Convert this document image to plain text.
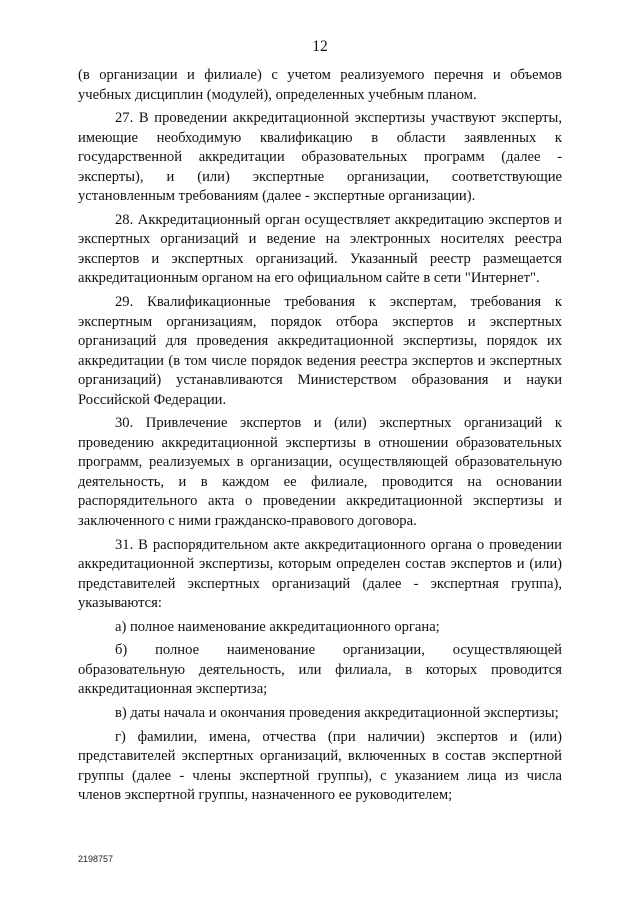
12

(в организации и филиале) с учетом реализуемого перечня и объемов учебных дисциплин (модулей), определенных учебным планом.

27. В проведении аккредитационной экспертизы участвуют эксперты, имеющие необходимую квалификацию в области заявленных к государственной аккредитации образовательных программ (далее - эксперты), и (или) экспертные организации, соответствующие установленным требованиям (далее - экспертные организации).

28. Аккредитационный орган осуществляет аккредитацию экспертов и экспертных организаций и ведение на электронных носителях реестра экспертов и экспертных организаций. Указанный реестр размещается аккредитационным органом на его официальном сайте в сети "Интернет".

29. Квалификационные требования к экспертам, требования к экспертным организациям, порядок отбора экспертов и экспертных организаций для проведения аккредитационной экспертизы, порядок их аккредитации (в том числе порядок ведения реестра экспертов и экспертных организаций) устанавливаются Министерством образования и науки Российской Федерации.

30. Привлечение экспертов и (или) экспертных организаций к проведению аккредитационной экспертизы в отношении образовательных программ, реализуемых в организации, осуществляющей образовательную деятельность, и в каждом ее филиале, проводится на основании распорядительного акта о проведении аккредитационной экспертизы и заключенного с ними гражданско-правового договора.

31. В распорядительном акте аккредитационного органа о проведении аккредитационной экспертизы, которым определен состав экспертов и (или) представителей экспертных организаций (далее - экспертная группа), указываются:

а) полное наименование аккредитационного органа;

б) полное наименование организации, осуществляющей образовательную деятельность, или филиала, в которых проводится аккредитационная экспертиза;

в) даты начала и окончания проведения аккредитационной экспертизы;

г) фамилии, имена, отчества (при наличии) экспертов и (или) представителей экспертных организаций, включенных в состав экспертной группы (далее - члены экспертной группы), с указанием лица из числа членов экспертной группы, назначенного ее руководителем;

2198757
